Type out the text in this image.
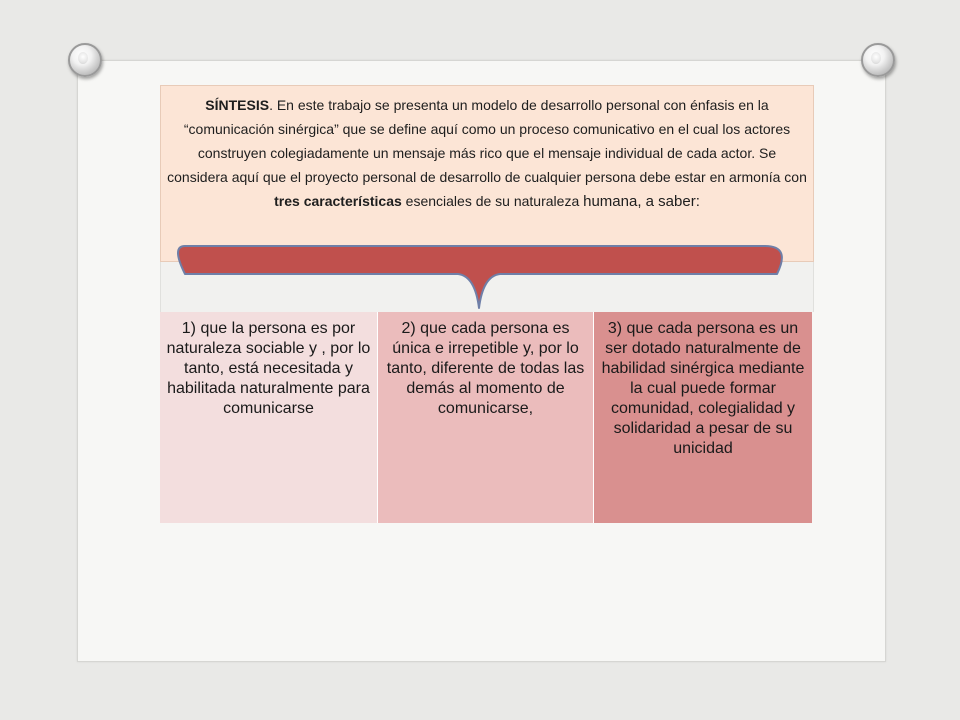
SÍNTESIS. En este trabajo se presenta un modelo de desarrollo personal con énfasis en la “comunicación sinérgica” que se define aquí como un proceso comunicativo en el cual los actores construyen colegiadamente un mensaje más rico que el mensaje individual de cada actor. Se considera aquí que el proyecto personal de desarrollo de cualquier persona debe estar en armonía con tres características esenciales de su naturaleza humana, a saber:
1) que la persona es por naturaleza sociable y , por lo tanto, está necesitada y habilitada naturalmente para comunicarse
2) que cada persona es única e irrepetible y, por lo tanto, diferente de todas las demás al momento de comunicarse,
3) que cada persona es un ser dotado naturalmente de habilidad sinérgica mediante la cual puede formar comunidad, colegialidad y solidaridad a pesar de su unicidad
